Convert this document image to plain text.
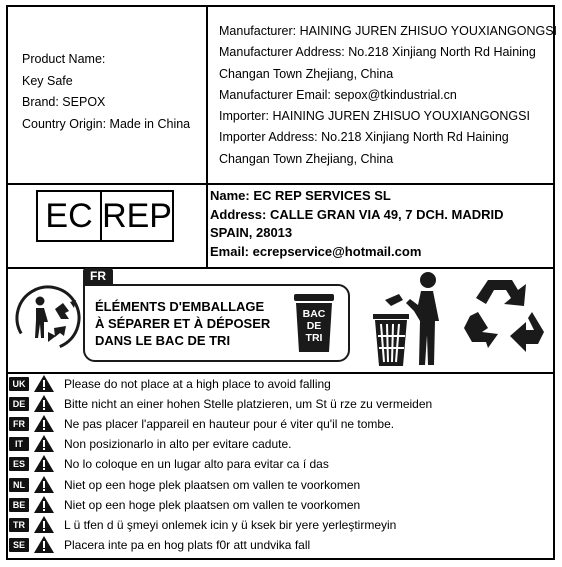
Product Name:
Key Safe
Brand: SEPOX
Country Origin: Made in China
Manufacturer: HAINING JUREN ZHISUO YOUXIANGONGSI
Manufacturer Address: No.218 Xinjiang North Rd Haining
Changan Town Zhejiang, China
Manufacturer Email: sepox@tkindustrial.cn
Importer: HAINING JUREN ZHISUO YOUXIANGONGSI
Importer Address: No.218 Xinjiang North Rd Haining
Changan Town Zhejiang, China
EC REP
Name: EC REP SERVICES SL
Address: CALLE GRAN VIA 49, 7 DCH. MADRID
SPAIN, 28013
Email: ecrepservice@hotmail.com
FR
ÉLÉMENTS D'EMBALLAGE
À SÉPARER ET À DÉPOSER
DANS LE BAC DE TRI
BAC
DE
TRI
UK	Please do not place at a high place to avoid falling
DE	Bitte nicht an einer hohen Stelle platzieren, um St ü rze zu vermeiden
FR	Ne pas placer l'appareil en hauteur pour é viter qu'il ne tombe.
IT	Non posizionarlo in alto per evitare cadute.
ES	No lo coloque en un lugar alto para evitar ca í das
NL	Niet op een hoge plek plaatsen om vallen te voorkomen
BE	Niet op een hoge plek plaatsen om vallen te voorkomen
TR	L ü tfen d ü şmeyi onlemek icin y ü ksek bir yere yerleştirmeyin
SE	Placera inte pa en hog plats f0r att undvika fall
